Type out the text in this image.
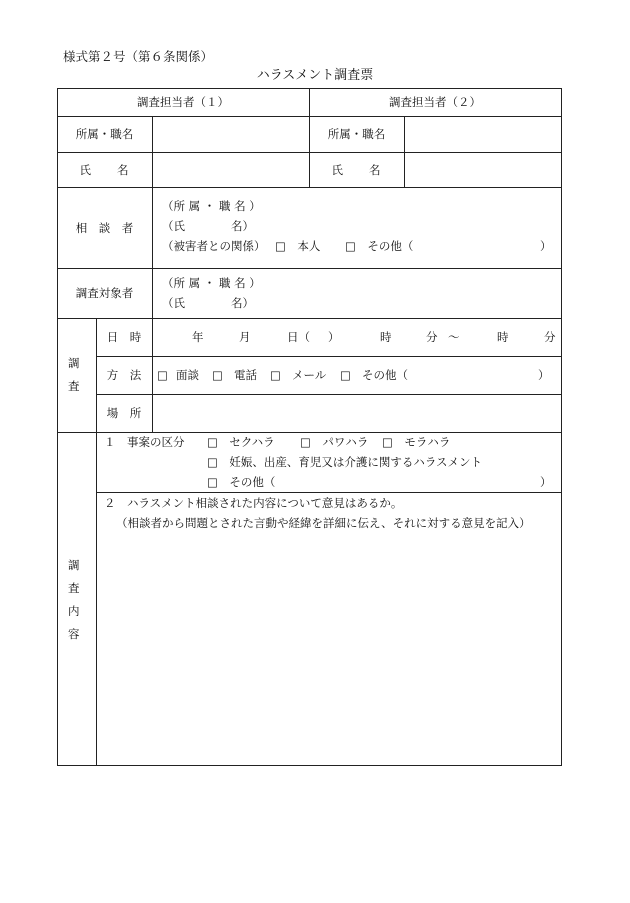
様式第２号（第６条関係）
ハラスメント調査票
調査担当者（１）	調査担当者（２）
所属・職名	所属・職名
氏　　名	氏　　名
相　談　者
（所 属 ・ 職 名 ）
（氏　　　　名）
（被害者との関係） □　本人 □　その他（	）
調査対象者
（所 属 ・ 職 名 ）
（氏　　　　名）
調
査
日　時	年	月	日（ ）	時	分 ～	時	分
方　法	□ 面談 □ 電話 □ メール □ その他（	）
場　所
調
査
内
容
１　事案の区分 □　セクハラ □　パワハラ □　モラハラ
□　妊娠、出産、育児又は介護に関するハラスメント
□　その他（	）
２　ハラスメント相談された内容について意見はあるか。
（相談者から問題とされた言動や経緯を詳細に伝え、それに対する意見を記入）
